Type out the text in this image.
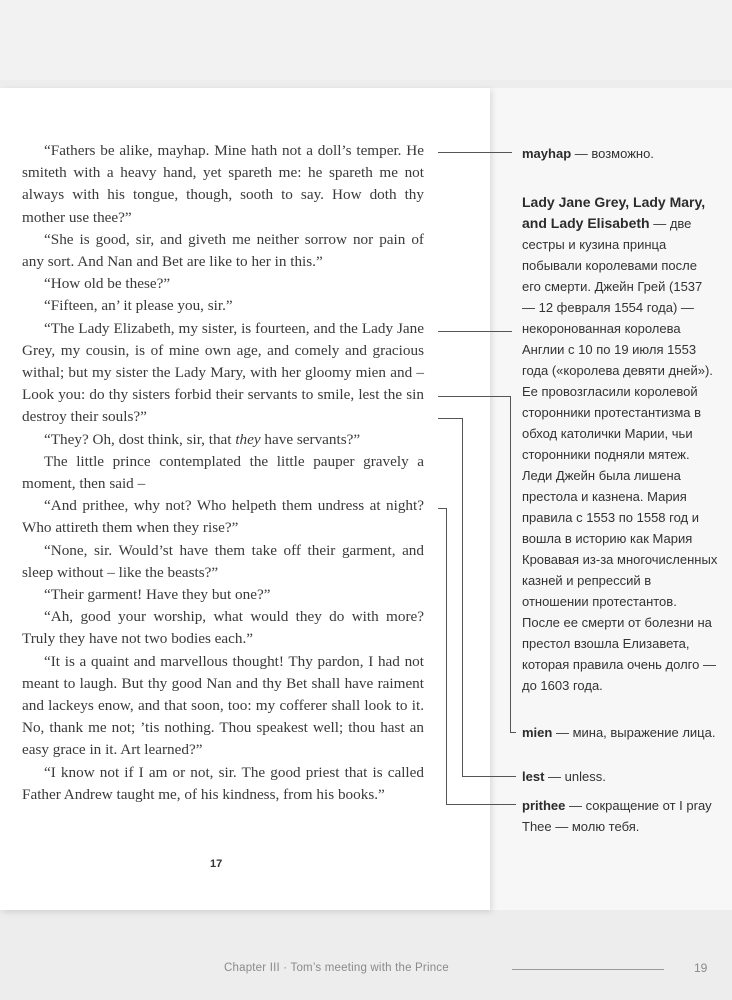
“Fathers be alike, mayhap. Mine hath not a doll’s temper. He smiteth with a heavy hand, yet spareth me: he spareth me not always with his tongue, though, sooth to say. How doth thy mother use thee?”

“She is good, sir, and giveth me neither sorrow nor pain of any sort. And Nan and Bet are like to her in this.”

“How old be these?”

“Fifteen, an’ it please you, sir.”

“The Lady Elizabeth, my sister, is fourteen, and the Lady Jane Grey, my cousin, is of mine own age, and comely and gracious withal; but my sister the Lady Mary, with her gloomy mien and – Look you: do thy sisters forbid their servants to smile, lest the sin destroy their souls?”

“They? Oh, dost think, sir, that they have servants?”

The little prince contemplated the little pauper gravely a moment, then said –

“And prithee, why not? Who helpeth them undress at night? Who attireth them when they rise?”

“None, sir. Would’st have them take off their garment, and sleep without – like the beasts?”

“Their garment! Have they but one?”

“Ah, good your worship, what would they do with more? Truly they have not two bodies each.”

“It is a quaint and marvellous thought! Thy pardon, I had not meant to laugh. But thy good Nan and thy Bet shall have raiment and lackeys enow, and that soon, too: my cofferer shall look to it. No, thank me not; ’tis nothing. Thou speakest well; thou hast an easy grace in it. Art learned?”

“I know not if I am or not, sir. The good priest that is called Father Andrew taught me, of his kindness, from his books.”

17
mayhap — возможно.
Lady Jane Grey, Lady Mary, and Lady Elisabeth — две сестры и кузина принца побывали королевами после его смерти. Джейн Грей (1537 — 12 февраля 1554 года) — некоронованная королева Англии с 10 по 19 июля 1553 года («королева девяти дней»). Ее провозгласили королевой сторонники протестантизма в обход католички Марии, чьи сторонники подняли мятеж. Леди Джейн была лишена престола и казнена. Мария правила с 1553 по 1558 год и вошла в историю как Мария Кровавая из-за многочисленных казней и репрессий в отношении протестантов. После ее смерти от болезни на престол взошла Елизавета, которая правила очень долго — до 1603 года.
mien — мина, выражение лица.
lest — unless.
prithee — сокращение от I pray Thee — молю тебя.
Chapter III · Tom’s meeting with the Prince	19
